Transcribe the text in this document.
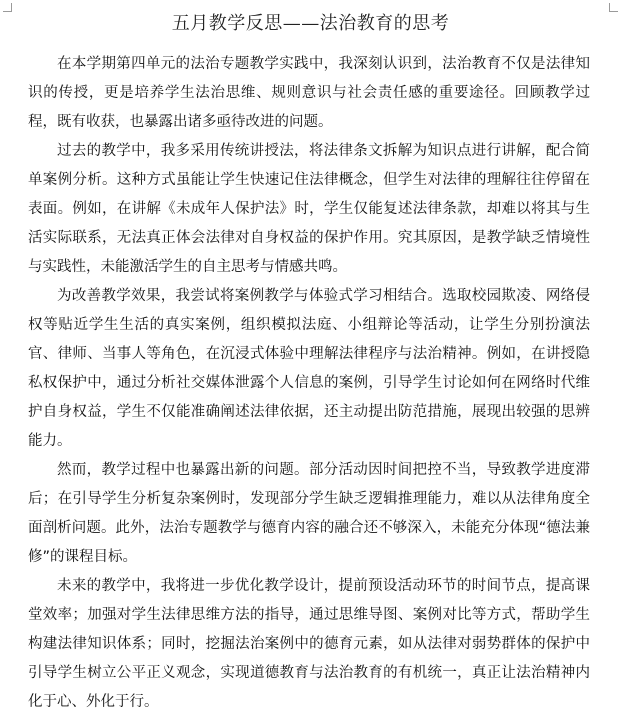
五月教学反思——法治教育的思考

在本学期第四单元的法治专题教学实践中，我深刻认识到，法治教育不仅是法律知识的传授，更是培养学生法治思维、规则意识与社会责任感的重要途径。回顾教学过程，既有收获，也暴露出诸多亟待改进的问题。

过去的教学中，我多采用传统讲授法，将法律条文拆解为知识点进行讲解，配合简单案例分析。这种方式虽能让学生快速记住法律概念，但学生对法律的理解往往停留在表面。例如，在讲解《未成年人保护法》时，学生仅能复述法律条款，却难以将其与生活实际联系，无法真正体会法律对自身权益的保护作用。究其原因，是教学缺乏情境性与实践性，未能激活学生的自主思考与情感共鸣。

为改善教学效果，我尝试将案例教学与体验式学习相结合。选取校园欺凌、网络侵权等贴近学生生活的真实案例，组织模拟法庭、小组辩论等活动，让学生分别扮演法官、律师、当事人等角色，在沉浸式体验中理解法律程序与法治精神。例如，在讲授隐私权保护中，通过分析社交媒体泄露个人信息的案例，引导学生讨论如何在网络时代维护自身权益，学生不仅能准确阐述法律依据，还主动提出防范措施，展现出较强的思辨能力。

然而，教学过程中也暴露出新的问题。部分活动因时间把控不当，导致教学进度滞后；在引导学生分析复杂案例时，发现部分学生缺乏逻辑推理能力，难以从法律角度全面剖析问题。此外，法治专题教学与德育内容的融合还不够深入，未能充分体现“德法兼修”的课程目标。

未来的教学中，我将进一步优化教学设计，提前预设活动环节的时间节点，提高课堂效率；加强对学生法律思维方法的指导，通过思维导图、案例对比等方式，帮助学生构建法律知识体系；同时，挖掘法治案例中的德育元素，如从法律对弱势群体的保护中引导学生树立公平正义观念，实现道德教育与法治教育的有机统一，真正让法治精神内化于心、外化于行。
